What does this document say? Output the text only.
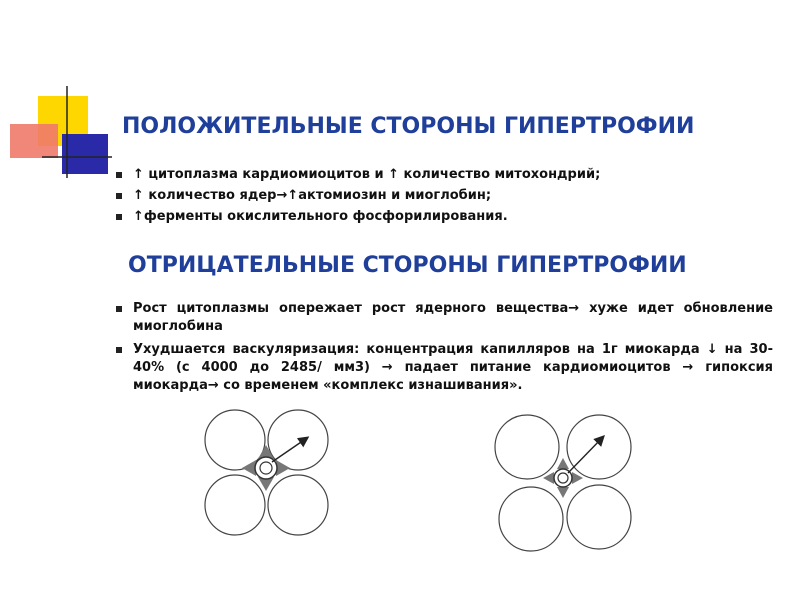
ПОЛОЖИТЕЛЬНЫЕ СТОРОНЫ ГИПЕРТРОФИИ
↑ цитоплазма кардиомиоцитов и ↑ количество митохондрий;
↑ количество ядер→↑актомиозин и миоглобин;
↑ферменты окислительного фосфорилирования.
ОТРИЦАТЕЛЬНЫЕ СТОРОНЫ ГИПЕРТРОФИИ
Рост цитоплазмы опережает рост ядерного вещества→ хуже идет обновление миоглобина
Ухудшается васкуляризация: концентрация капилляров на 1г миокарда ↓ на 30-40% (с 4000 до 2485/ мм3) → падает питание кардиомиоцитов → гипоксия миокарда→ со временем «комплекс изнашивания».
